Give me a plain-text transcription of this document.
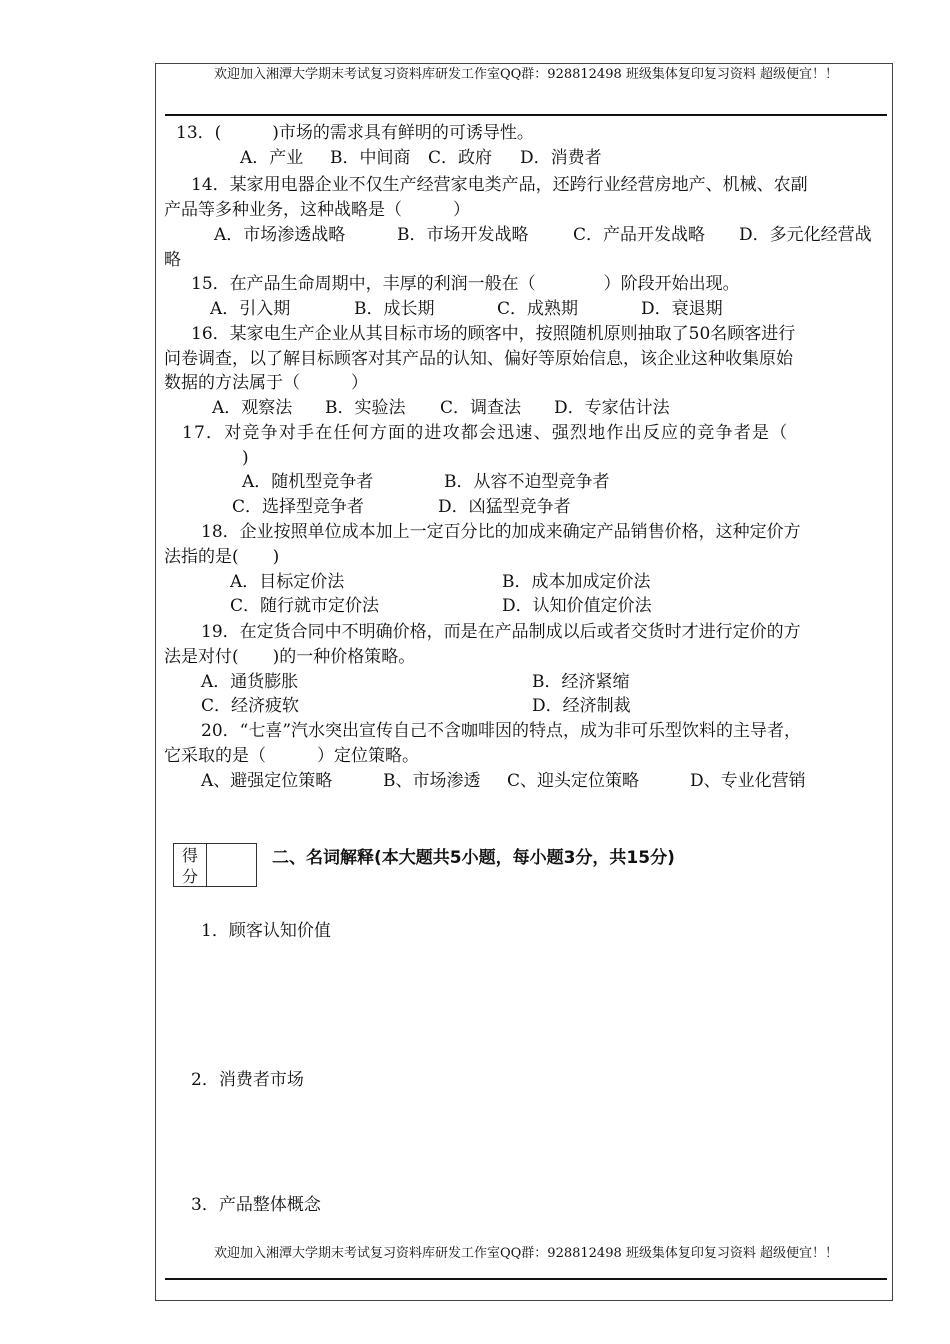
欢迎加入湘潭大学期末考试复习资料库研发工作室QQ群：928812498 班级集体复印复习资料 超级便宜！！
13．(　　　)市场的需求具有鲜明的可诱导性。
A．产业 B．中间商 C．政府 D．消费者
14．某家用电器企业不仅生产经营家电类产品，还跨行业经营房地产、机械、农副
产品等多种业务，这种战略是（　　　）
A．市场渗透战略	B．市场开发战略	C．产品开发战略 D．多元化经营战
略
15．在产品生命周期中，丰厚的利润一般在（　　　　）阶段开始出现。
A．引入期	B．成长期	C．成熟期	D．衰退期
16．某家电生产企业从其目标市场的顾客中，按照随机原则抽取了50名顾客进行
问卷调查，以了解目标顾客对其产品的认知、偏好等原始信息，该企业这种收集原始
数据的方法属于（　　　）
A．观察法 B．实验法 C．调查法 D．专家估计法
17．对竞争对手在任何方面的进攻都会迅速、强烈地作出反应的竞争者是（
)
A．随机型竞争者	B．从容不迫型竞争者
C．选择型竞争者	D．凶猛型竞争者
18．企业按照单位成本加上一定百分比的加成来确定产品销售价格，这种定价方
法指的是(　　)
A．目标定价法	B．成本加成定价法
C．随行就市定价法	D．认知价值定价法
19．在定货合同中不明确价格，而是在产品制成以后或者交货时才进行定价的方
法是对付(　　)的一种价格策略。
A．通货膨胀	B．经济紧缩
C．经济疲软	D．经济制裁
20．“七喜”汽水突出宣传自己不含咖啡因的特点，成为非可乐型饮料的主导者，
它采取的是（　　　）定位策略。
A、避强定位策略	B、市场渗透 C、迎头定位策略	D、专业化营销
得
分
二、名词解释(本大题共5小题，每小题3分，共15分)
1．顾客认知价值
2．消费者市场
3．产品整体概念
欢迎加入湘潭大学期末考试复习资料库研发工作室QQ群：928812498 班级集体复印复习资料 超级便宜！！
